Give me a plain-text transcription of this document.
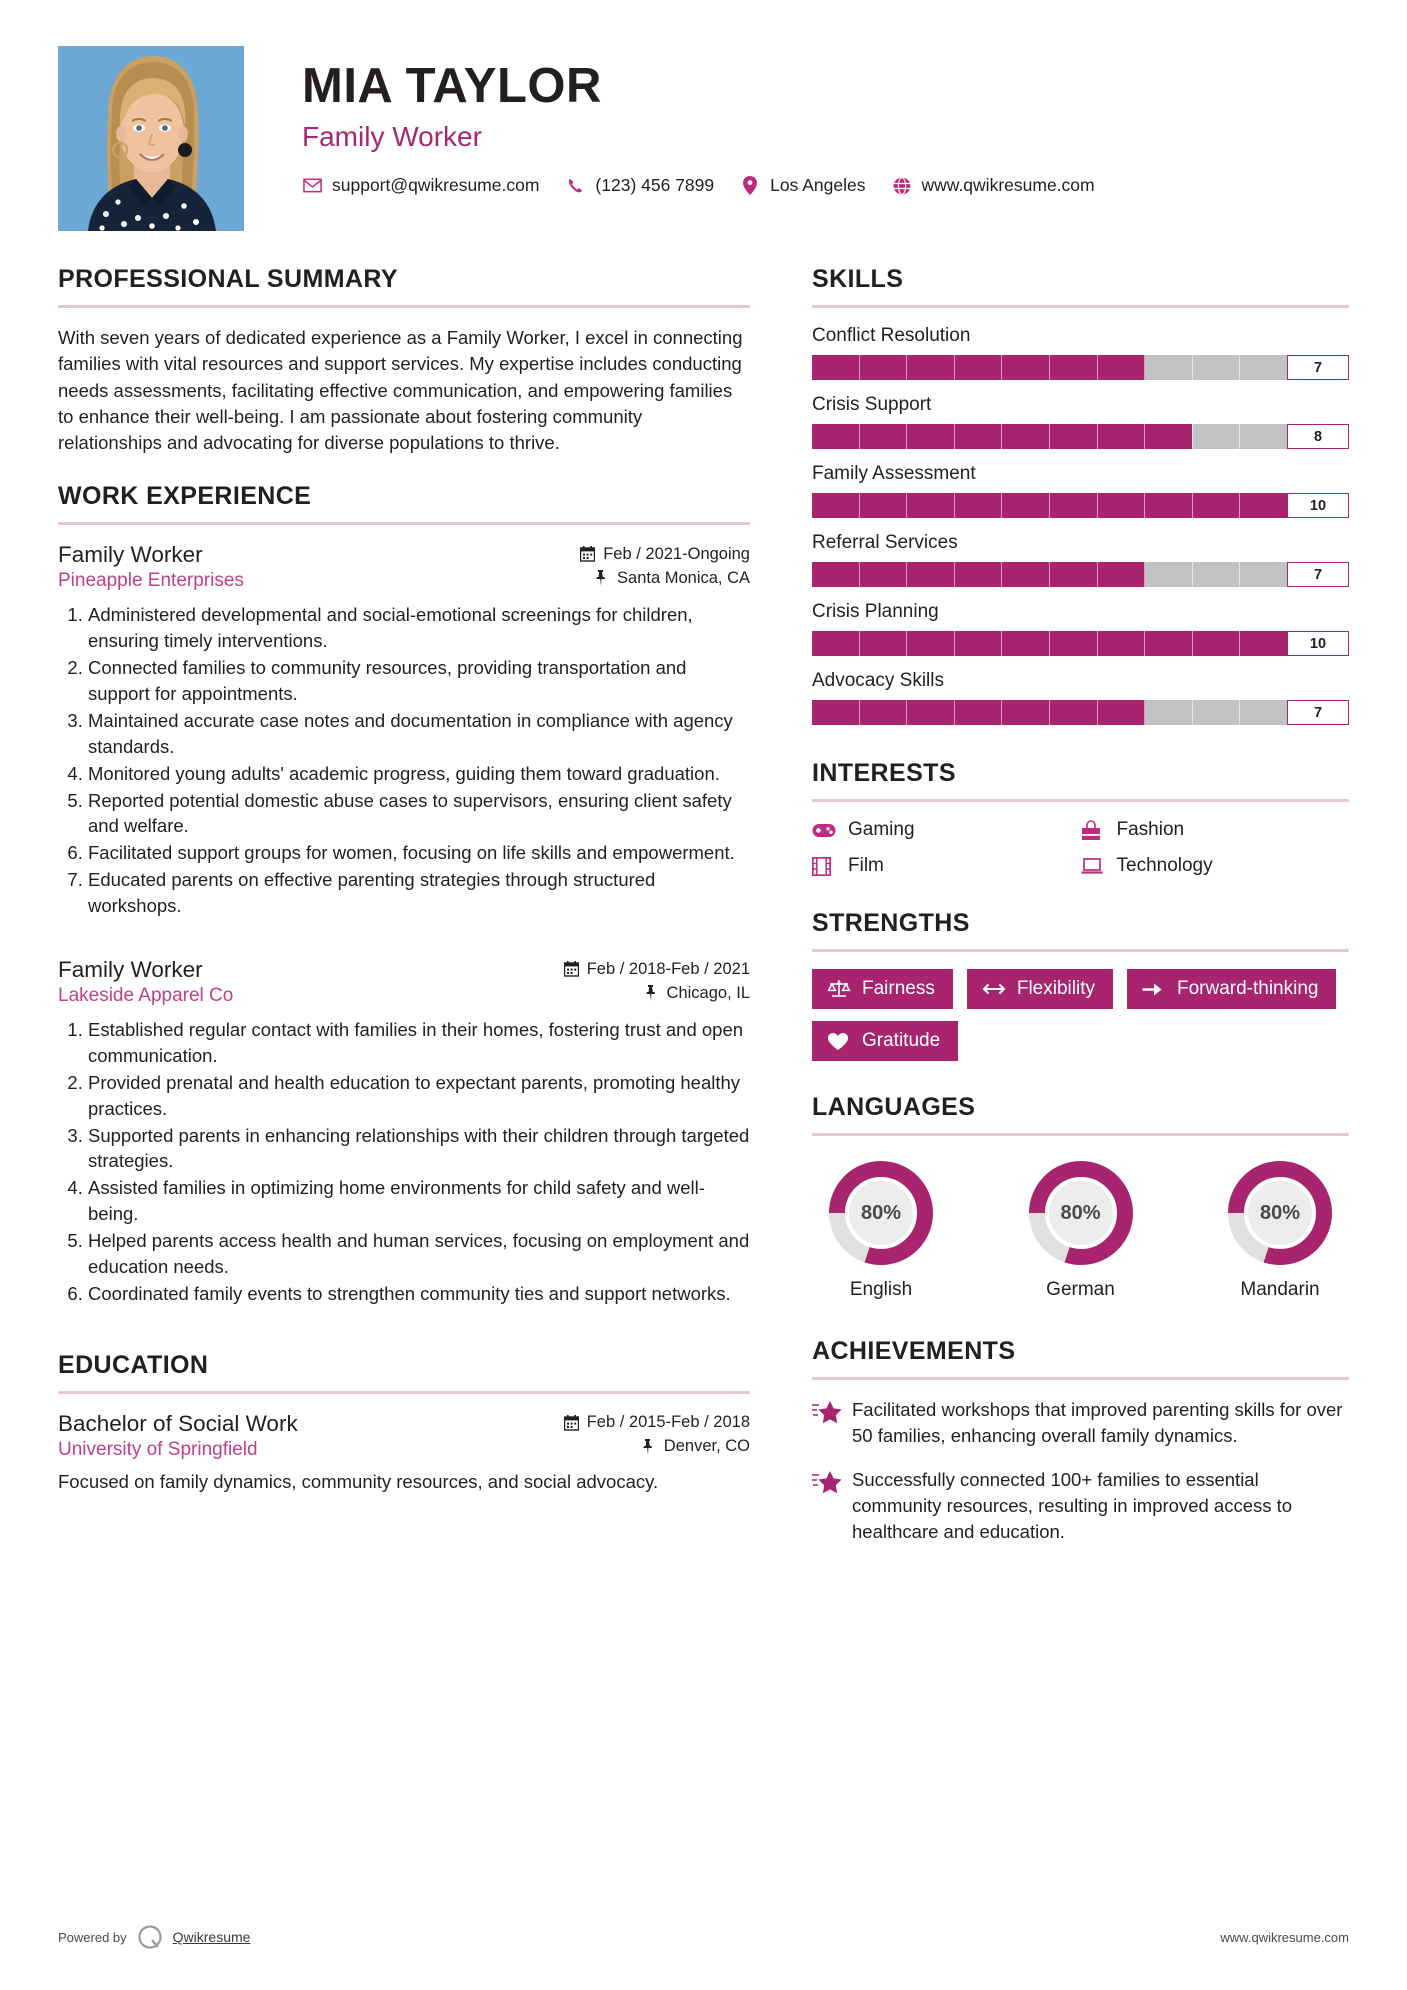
MIA TAYLOR
Family Worker
support@qwikresume.com	(123) 456 7899	Los Angeles	www.qwikresume.com
PROFESSIONAL SUMMARY
With seven years of dedicated experience as a Family Worker, I excel in connecting families with vital resources and support services. My expertise includes conducting needs assessments, facilitating effective communication, and empowering families to enhance their well-being. I am passionate about fostering community relationships and advocating for diverse populations to thrive.
WORK EXPERIENCE
Family Worker	Feb / 2021-Ongoing
Pineapple Enterprises	Santa Monica, CA
1. Administered developmental and social-emotional screenings for children, ensuring timely interventions.
2. Connected families to community resources, providing transportation and support for appointments.
3. Maintained accurate case notes and documentation in compliance with agency standards.
4. Monitored young adults' academic progress, guiding them toward graduation.
5. Reported potential domestic abuse cases to supervisors, ensuring client safety and welfare.
6. Facilitated support groups for women, focusing on life skills and empowerment.
7. Educated parents on effective parenting strategies through structured workshops.
Family Worker	Feb / 2018-Feb / 2021
Lakeside Apparel Co	Chicago, IL
1. Established regular contact with families in their homes, fostering trust and open communication.
2. Provided prenatal and health education to expectant parents, promoting healthy practices.
3. Supported parents in enhancing relationships with their children through targeted strategies.
4. Assisted families in optimizing home environments for child safety and well-being.
5. Helped parents access health and human services, focusing on employment and education needs.
6. Coordinated family events to strengthen community ties and support networks.
EDUCATION
Bachelor of Social Work	Feb / 2015-Feb / 2018
University of Springfield	Denver, CO
Focused on family dynamics, community resources, and social advocacy.
SKILLS
Conflict Resolution
7
Crisis Support
8
Family Assessment
10
Referral Services
7
Crisis Planning
10
Advocacy Skills
7
INTERESTS
Gaming	Fashion
Film	Technology
STRENGTHS
Fairness	Flexibility	Forward-thinking
Gratitude
LANGUAGES
80%
English
80%
German
80%
Mandarin
ACHIEVEMENTS
Facilitated workshops that improved parenting skills for over 50 families, enhancing overall family dynamics.
Successfully connected 100+ families to essential community resources, resulting in improved access to healthcare and education.
Powered by	Qwikresume	www.qwikresume.com
